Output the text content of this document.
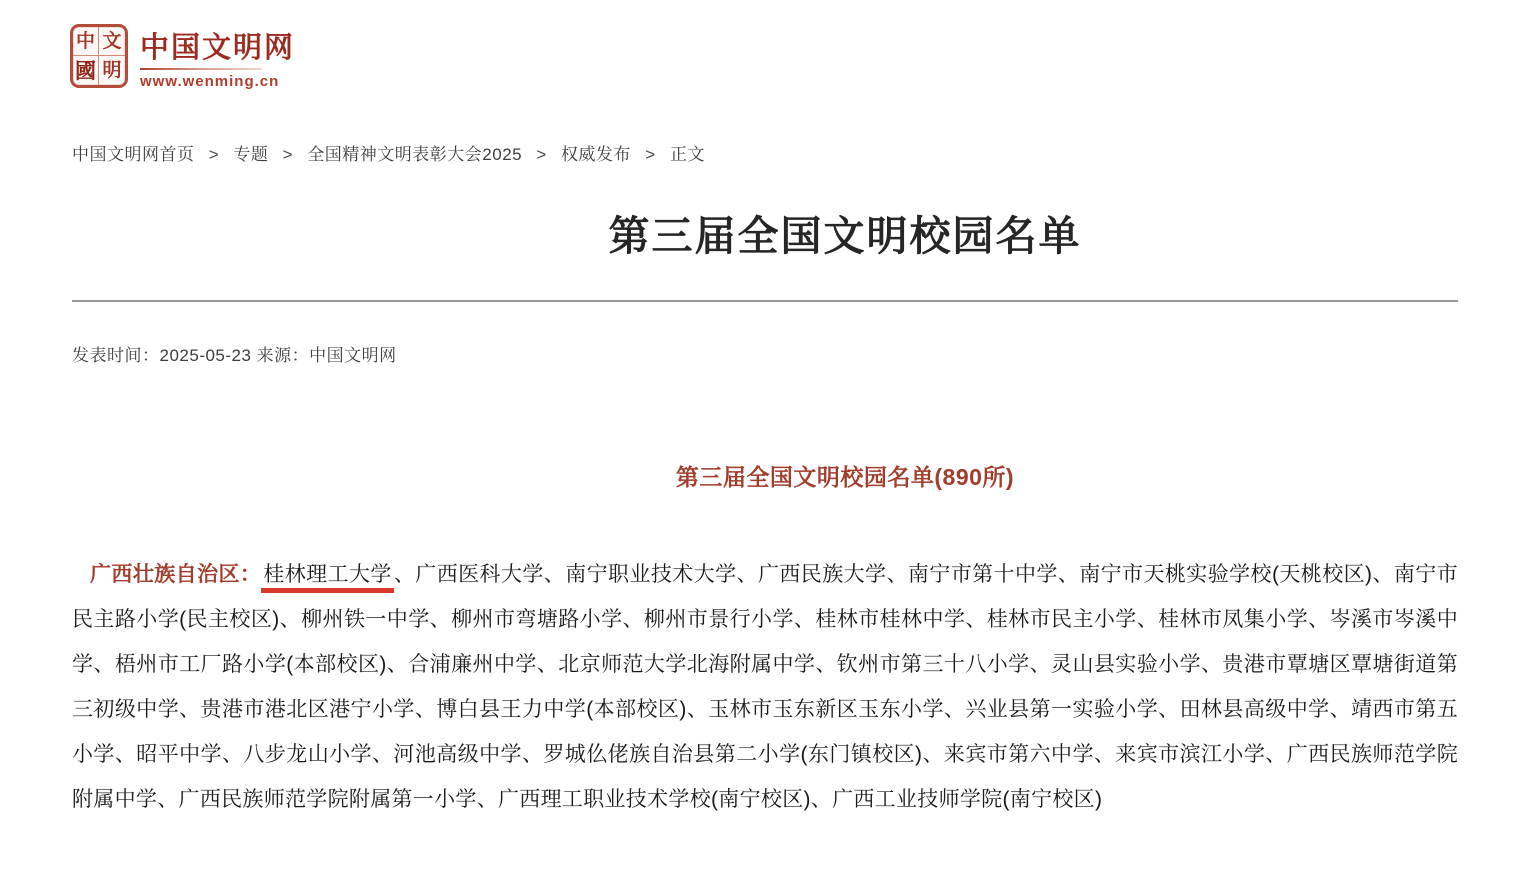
中 文
國 明
中国文明网
www.wenming.cn
中国文明网首页 > 专题 > 全国精神文明表彰大会2025 > 权威发布 > 正文
第三届全国文明校园名单
发表时间：2025-05-23 来源：中国文明网
第三届全国文明校园名单(890所)

广西壮族自治区：桂林理工大学、广西医科大学、南宁职业技术大学、广西民族大学、南宁市第十中学、南宁市天桃实验学校(天桃校区)、南宁市民主路小学(民主校区)、柳州铁一中学、柳州市弯塘路小学、柳州市景行小学、桂林市桂林中学、桂林市民主小学、桂林市凤集小学、岑溪市岑溪中学、梧州市工厂路小学(本部校区)、合浦廉州中学、北京师范大学北海附属中学、钦州市第三十八小学、灵山县实验小学、贵港市覃塘区覃塘街道第三初级中学、贵港市港北区港宁小学、博白县王力中学(本部校区)、玉林市玉东新区玉东小学、兴业县第一实验小学、田林县高级中学、靖西市第五小学、昭平中学、八步龙山小学、河池高级中学、罗城仫佬族自治县第二小学(东门镇校区)、来宾市第六中学、来宾市滨江小学、广西民族师范学院附属中学、广西民族师范学院附属第一小学、广西理工职业技术学校(南宁校区)、广西工业技师学院(南宁校区)
